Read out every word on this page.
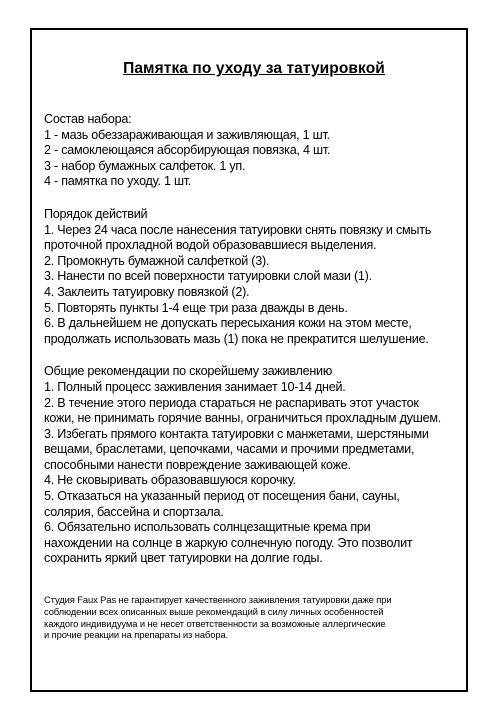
Памятка по уходу за татуировкой
Состав набора:
1 - мазь обеззараживающая и заживляющая, 1 шт.
2 - самоклеющаяся абсорбирующая повязка, 4 шт.
3 - набор бумажных салфеток. 1 уп.
4 - памятка по уходу. 1 шт.
Порядок действий
1. Через 24 часа после нанесения татуировки снять повязку и смыть
проточной прохладной водой образовавшиеся выделения.
2. Промокнуть бумажной салфеткой (3).
3. Нанести по всей поверхности татуировки слой мази (1).
4. Заклеить татуировку повязкой (2).
5. Повторять пункты 1-4 еще три раза дважды в день.
6. В дальнейшем не допускать пересыхания кожи на этом месте,
продолжать использовать мазь (1) пока не прекратится шелушение.
Общие рекомендации по скорейшему заживлению
1. Полный процесс заживления занимает 10-14 дней.
2. В течение этого периода стараться не распаривать этот участок
кожи, не принимать горячие ванны, ограничиться прохладным душем.
3. Избегать прямого контакта татуировки с манжетами, шерстяными
вещами, браслетами, цепочками, часами и прочими предметами,
способными нанести повреждение заживающей коже.
4. Не сковыривать образовавшуюся корочку.
5. Отказаться на указанный период от посещения бани, сауны,
солярия, бассейна и спортзала.
6. Обязательно использовать солнцезащитные крема при
нахождении на солнце в жаркую солнечную погоду. Это позволит
сохранить яркий цвет татуировки на долгие годы.
Студия Faux Pas не гарантирует качественного заживления татуировки даже при
соблюдении всех описанных выше рекомендаций в силу личных особенностей
каждого индивидуума и не несет ответственности за возможные аллергические
и прочие реакции на препараты из набора.
